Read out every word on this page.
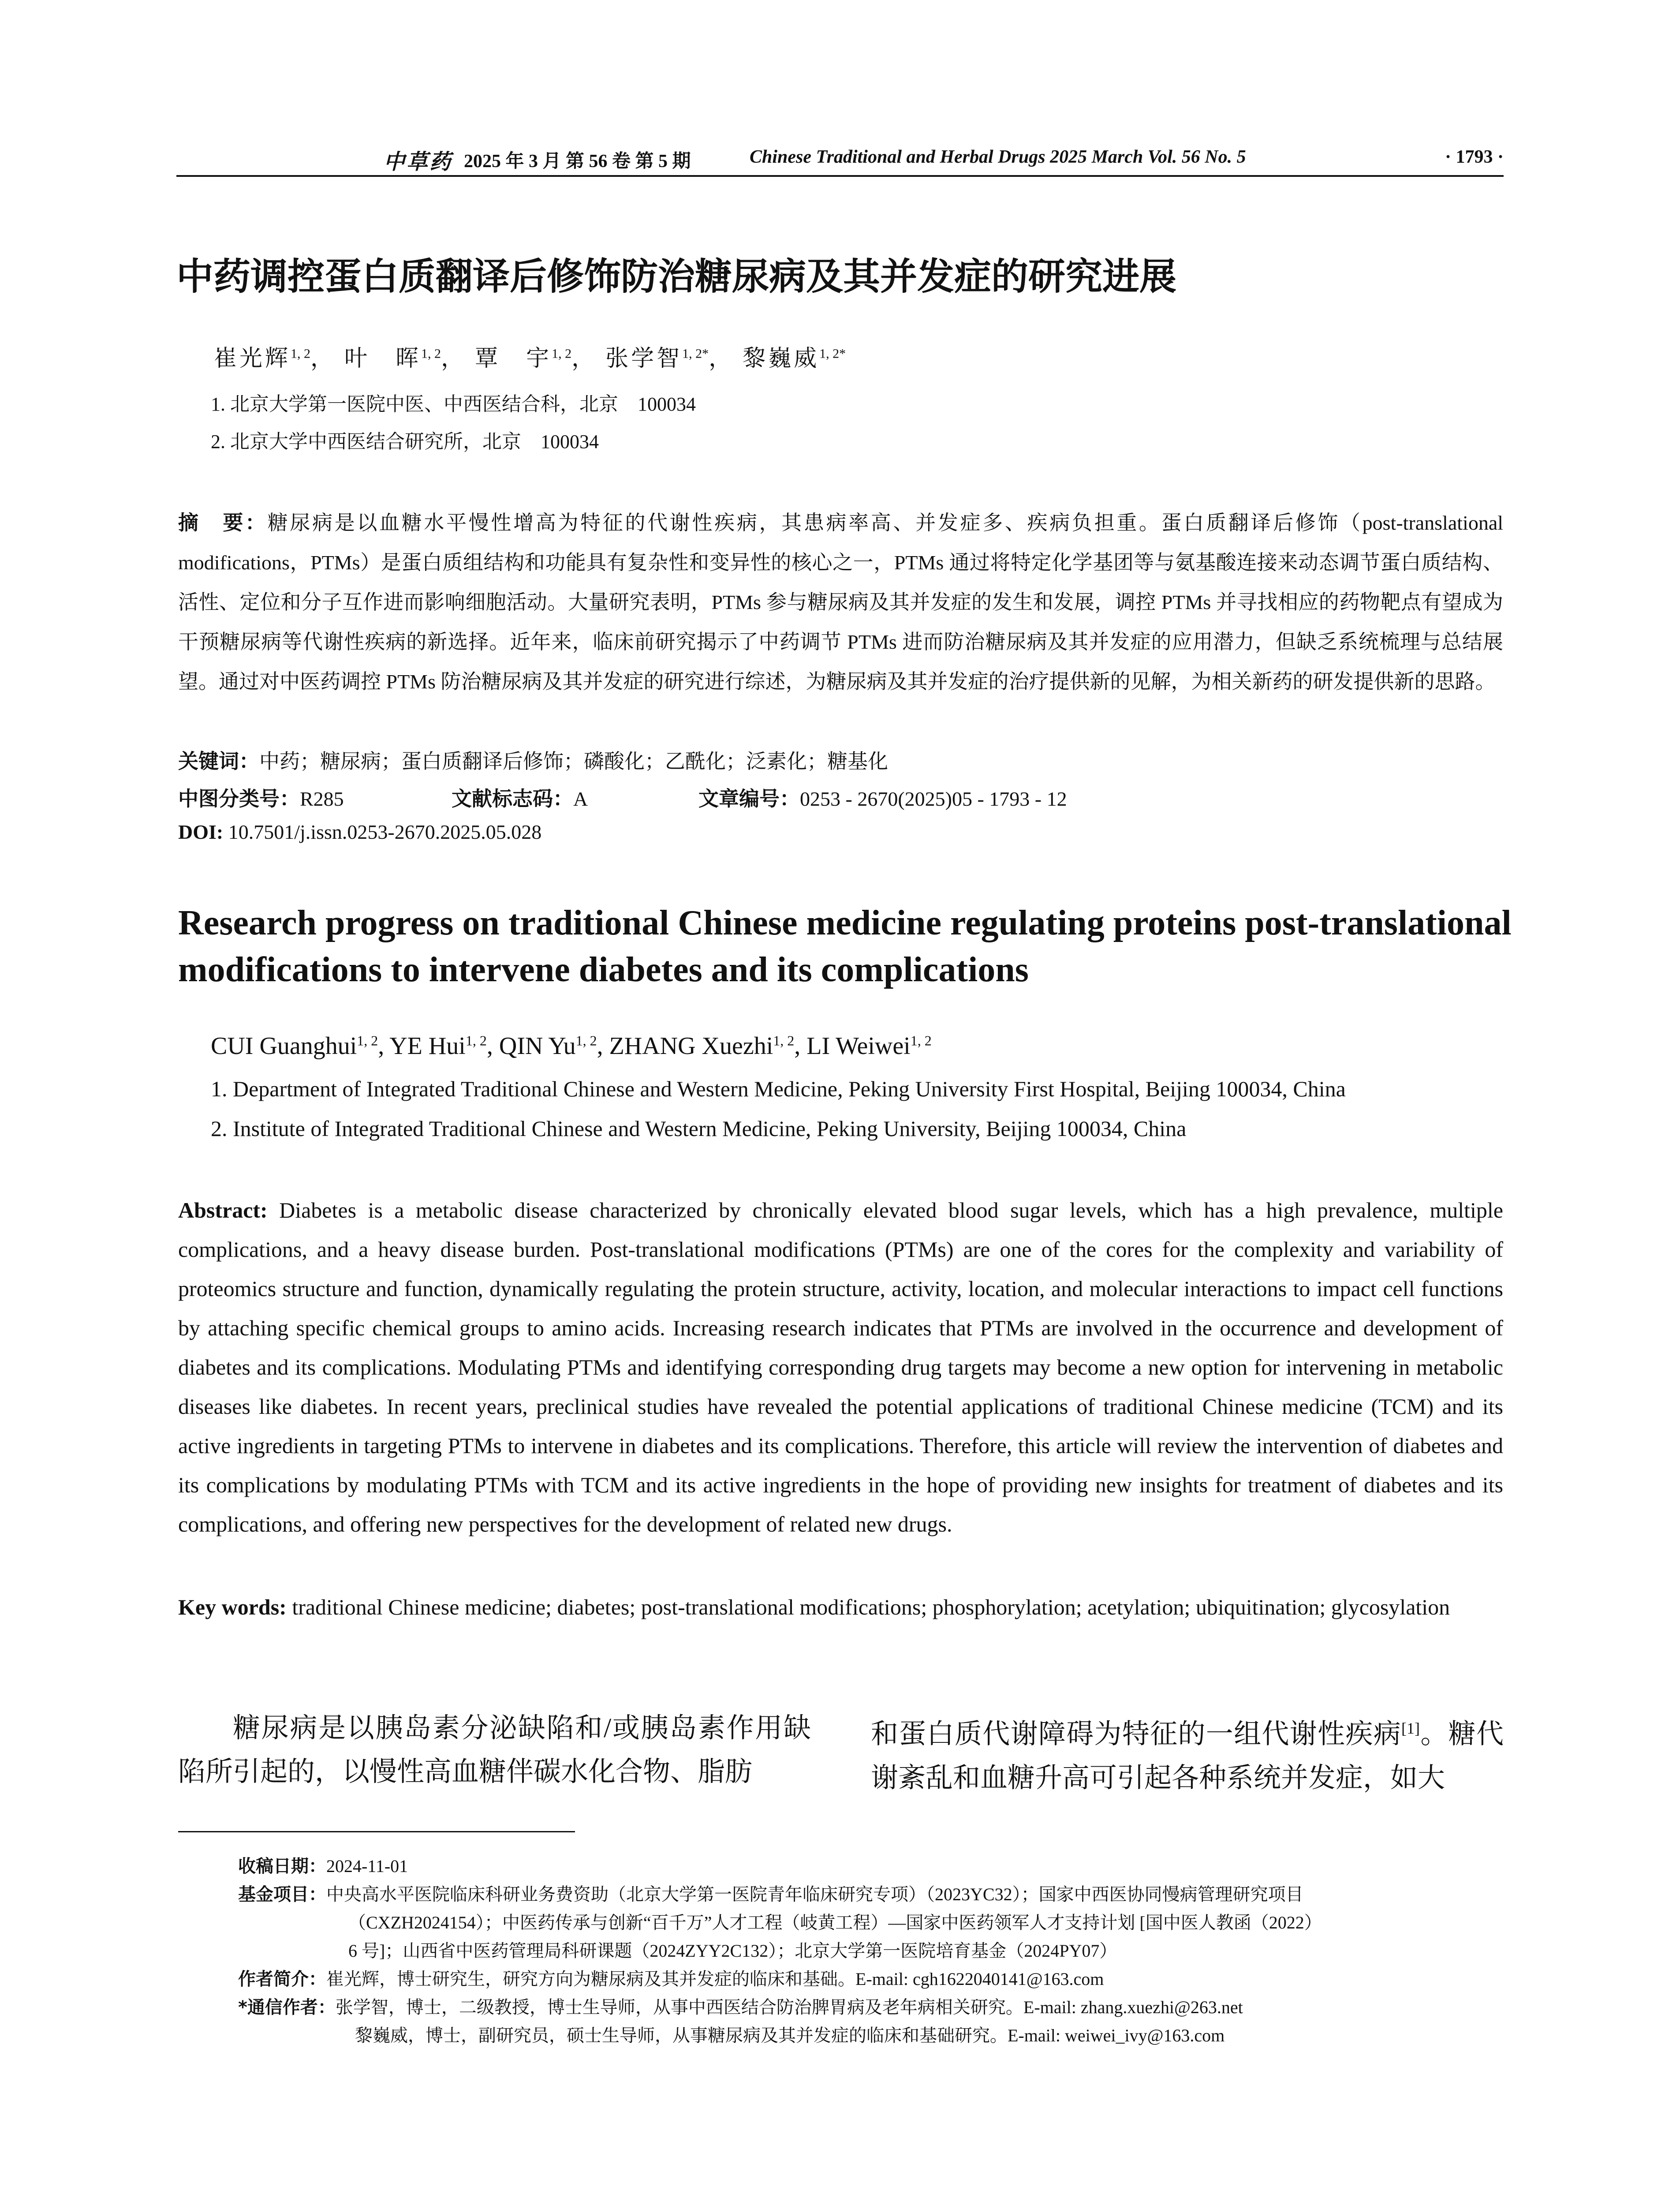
中草药 2025 年 3 月 第 56 卷 第 5 期	Chinese Traditional and Herbal Drugs 2025 March Vol. 56 No. 5	· 1793 ·
中药调控蛋白质翻译后修饰防治糖尿病及其并发症的研究进展
崔光辉$^{1, 2}$， 叶　晖$^{1, 2}$， 覃　宇$^{1, 2}$， 张学智$^{1, 2*}$， 黎巍威$^{1, 2*}$
1. 北京大学第一医院中医、中西医结合科，北京　100034
2. 北京大学中西医结合研究所，北京　100034
摘　要：糖尿病是以血糖水平慢性增高为特征的代谢性疾病，其患病率高、并发症多、疾病负担重。蛋白质翻译后修饰（post-translational modifications，PTMs）是蛋白质组结构和功能具有复杂性和变异性的核心之一，PTMs 通过将特定化学基团等与氨基酸连接来动态调节蛋白质结构、活性、定位和分子互作进而影响细胞活动。大量研究表明，PTMs 参与糖尿病及其并发症的发生和发展，调控 PTMs 并寻找相应的药物靶点有望成为干预糖尿病等代谢性疾病的新选择。近年来，临床前研究揭示了中药调节 PTMs 进而防治糖尿病及其并发症的应用潜力，但缺乏系统梳理与总结展望。通过对中医药调控 PTMs 防治糖尿病及其并发症的研究进行综述，为糖尿病及其并发症的治疗提供新的见解，为相关新药的研发提供新的思路。
关键词：中药；糖尿病；蛋白质翻译后修饰；磷酸化；乙酰化；泛素化；糖基化
中图分类号：R285	文献标志码：A	文章编号：0253 - 2670(2025)05 - 1793 - 12
DOI: 10.7501/j.issn.0253-2670.2025.05.028
Research progress on traditional Chinese medicine regulating proteins post-translational modifications to intervene diabetes and its complications
CUI Guanghui$^{1, 2}$, YE Hui$^{1, 2}$, QIN Yu$^{1, 2}$, ZHANG Xuezhi$^{1, 2}$, LI Weiwei$^{1, 2}$
1. Department of Integrated Traditional Chinese and Western Medicine, Peking University First Hospital, Beijing 100034, China
2. Institute of Integrated Traditional Chinese and Western Medicine, Peking University, Beijing 100034, China
Abstract: Diabetes is a metabolic disease characterized by chronically elevated blood sugar levels, which has a high prevalence, multiple complications, and a heavy disease burden. Post-translational modifications (PTMs) are one of the cores for the complexity and variability of proteomics structure and function, dynamically regulating the protein structure, activity, location, and molecular interactions to impact cell functions by attaching specific chemical groups to amino acids. Increasing research indicates that PTMs are involved in the occurrence and development of diabetes and its complications. Modulating PTMs and identifying corresponding drug targets may become a new option for intervening in metabolic diseases like diabetes. In recent years, preclinical studies have revealed the potential applications of traditional Chinese medicine (TCM) and its active ingredients in targeting PTMs to intervene in diabetes and its complications. Therefore, this article will review the intervention of diabetes and its complications by modulating PTMs with TCM and its active ingredients in the hope of providing new insights for treatment of diabetes and its complications, and offering new perspectives for the development of related new drugs.
Key words: traditional Chinese medicine; diabetes; post-translational modifications; phosphorylation; acetylation; ubiquitination; glycosylation
糖尿病是以胰岛素分泌缺陷和/或胰岛素作用缺陷所引起的，以慢性高血糖伴碳水化合物、脂肪
和蛋白质代谢障碍为特征的一组代谢性疾病[1]。糖代谢紊乱和血糖升高可引起各种系统并发症，如大
收稿日期： 2024-11-01
基金项目： 中央高水平医院临床科研业务费资助（北京大学第一医院青年临床研究专项）（2023YC32）；国家中西医协同慢病管理研究项目
（CXZH2024154）；中医药传承与创新“百千万”人才工程（岐黄工程）—国家中医药领军人才支持计划 [国中医人教函（2022）
6 号]；山西省中医药管理局科研课题（2024ZYY2C132）；北京大学第一医院培育基金（2024PY07）
作者简介： 崔光辉，博士研究生，研究方向为糖尿病及其并发症的临床和基础。E-mail: cgh1622040141@163.com
*通信作者： 张学智，博士，二级教授，博士生导师，从事中西医结合防治脾胃病及老年病相关研究。E-mail: zhang.xuezhi@263.net
黎巍威，博士，副研究员，硕士生导师，从事糖尿病及其并发症的临床和基础研究。E-mail: weiwei_ivy@163.com
